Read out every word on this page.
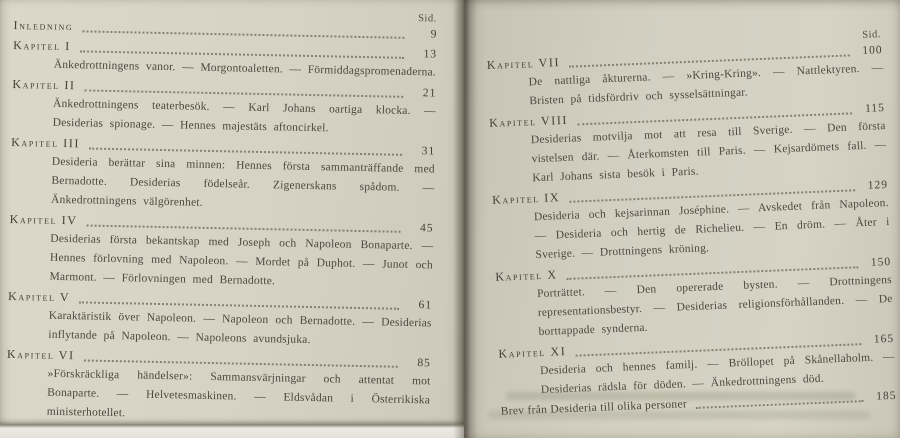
Sid.
Inledning
9
Kapitel I
13
Änkedrottningens vanor. — Morgontoaletten. — Förmiddagspromenaderna.
Kapitel II
21
Änkedrottningens teaterbesök. — Karl Johans oartiga klocka. — Desiderias spionage. — Hennes majestäts aftoncirkel.
Kapitel III
31
Desideria berättar sina minnen: Hennes första sammanträffande med Bernadotte. Desiderias födelseår. Zigenerskans spådom. — Änkedrottningens välgörenhet.
Kapitel IV
45
Desiderias första bekantskap med Joseph och Napoleon Bonaparte. — Hennes förlovning med Napoleon. — Mordet på Duphot. — Junot och Marmont. — Förlovningen med Bernadotte.
Kapitel V
61
Karaktäristik över Napoleon. — Napoleon och Bernadotte. — Desiderias inflytande på Napoleon. — Napoleons avundsjuka.
Kapitel VI
85
»Förskräckliga händelser»: Sammansvärjningar och attentat mot Bonaparte. — Helvetesmaskinen. — Eldsvådan i Österrikiska ministerhotellet.
Sid.
Kapitel VII
100
De nattliga åkturerna. — »Kring-Kring». — Nattlektyren. — Bristen på tidsfördriv och sysselsättningar.
Kapitel VIII
115
Desiderias motvilja mot att resa till Sverige. — Den första vistelsen där. — Återkomsten till Paris. — Kejsardömets fall. — Karl Johans sista besök i Paris.
Kapitel IX
129
Desideria och kejsarinnan Joséphine. — Avskedet från Napoleon. — Desideria och hertig de Richelieu. — En dröm. — Åter i Sverige. — Drottningens kröning.
Kapitel X
150
Porträttet. — Den opererade bysten. — Drottningens representationsbestyr. — Desiderias religionsförhållanden. — De borttappade synderna.
Kapitel XI
165
Desideria och hennes familj. — Bröllopet på Skånellaholm. — Desiderias rädsla för döden. — Änkedrottningens död.
Brev från Desideria till olika personer
185
